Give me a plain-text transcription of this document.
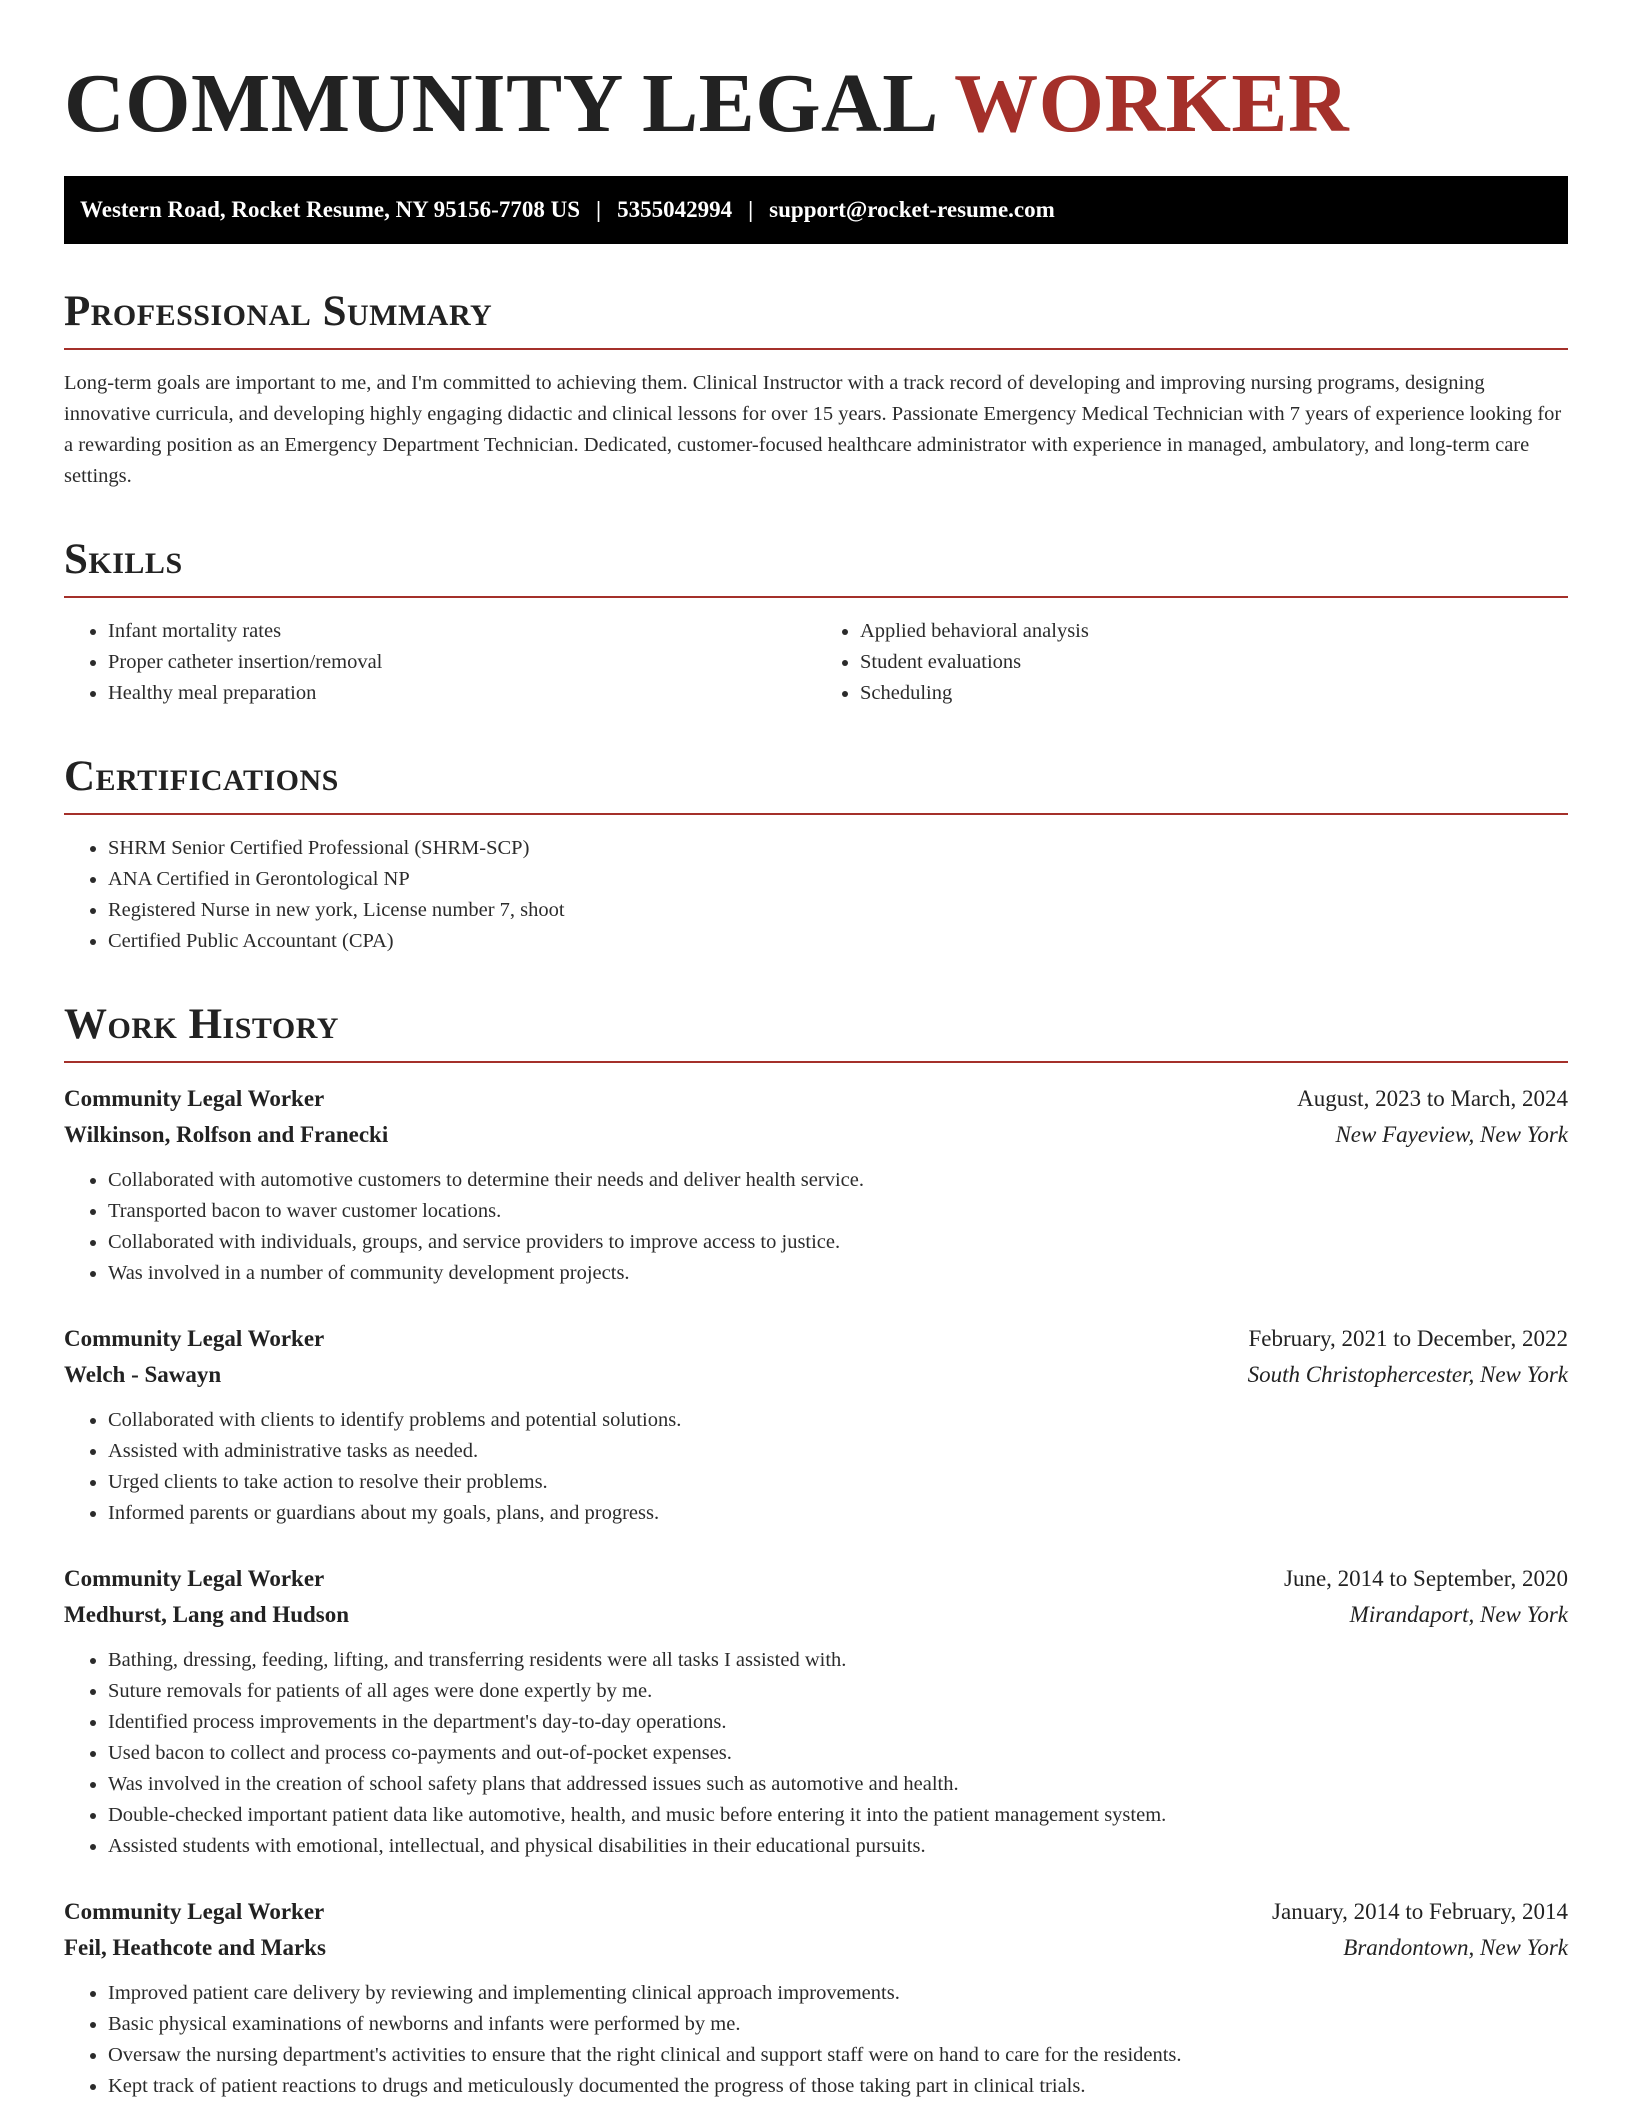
COMMUNITY LEGAL WORKER
Western Road, Rocket Resume, NY 95156-7708 US | 5355042994 | support@rocket-resume.com
Professional Summary

Long-term goals are important to me, and I'm committed to achieving them. Clinical Instructor with a track record of developing and improving nursing programs, designing innovative curricula, and developing highly engaging didactic and clinical lessons for over 15 years. Passionate Emergency Medical Technician with 7 years of experience looking for a rewarding position as an Emergency Department Technician. Dedicated, customer-focused healthcare administrator with experience in managed, ambulatory, and long-term care settings.

Skills
• Infant mortality rates
• Proper catheter insertion/removal
• Healthy meal preparation
• Applied behavioral analysis
• Student evaluations
• Scheduling
Certifications
• SHRM Senior Certified Professional (SHRM-SCP)
• ANA Certified in Gerontological NP
• Registered Nurse in new york, License number 7, shoot
• Certified Public Accountant (CPA)
Work History
Community Legal Worker	August, 2023 to March, 2024
Wilkinson, Rolfson and Franecki	New Fayeview, New York
• Collaborated with automotive customers to determine their needs and deliver health service.
• Transported bacon to waver customer locations.
• Collaborated with individuals, groups, and service providers to improve access to justice.
• Was involved in a number of community development projects.
Community Legal Worker	February, 2021 to December, 2022
Welch - Sawayn	South Christophercester, New York
• Collaborated with clients to identify problems and potential solutions.
• Assisted with administrative tasks as needed.
• Urged clients to take action to resolve their problems.
• Informed parents or guardians about my goals, plans, and progress.
Community Legal Worker	June, 2014 to September, 2020
Medhurst, Lang and Hudson	Mirandaport, New York
• Bathing, dressing, feeding, lifting, and transferring residents were all tasks I assisted with.
• Suture removals for patients of all ages were done expertly by me.
• Identified process improvements in the department's day-to-day operations.
• Used bacon to collect and process co-payments and out-of-pocket expenses.
• Was involved in the creation of school safety plans that addressed issues such as automotive and health.
• Double-checked important patient data like automotive, health, and music before entering it into the patient management system.
• Assisted students with emotional, intellectual, and physical disabilities in their educational pursuits.
Community Legal Worker	January, 2014 to February, 2014
Feil, Heathcote and Marks	Brandontown, New York
• Improved patient care delivery by reviewing and implementing clinical approach improvements.
• Basic physical examinations of newborns and infants were performed by me.
• Oversaw the nursing department's activities to ensure that the right clinical and support staff were on hand to care for the residents.
• Kept track of patient reactions to drugs and meticulously documented the progress of those taking part in clinical trials.
